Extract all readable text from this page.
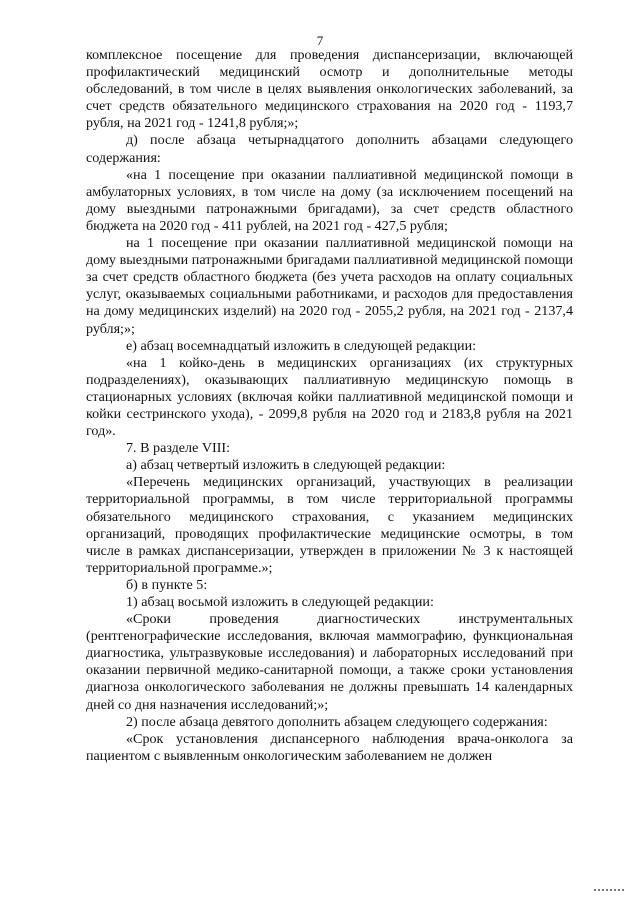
7

комплексное посещение для проведения диспансеризации, включающей профилактический медицинский осмотр и дополнительные методы обследований, в том числе в целях выявления онкологических заболеваний, за счет средств обязательного медицинского страхования на 2020 год - 1193,7 рубля, на 2021 год - 1241,8 рубля;»;

д) после абзаца четырнадцатого дополнить абзацами следующего содержания:

«на 1 посещение при оказании паллиативной медицинской помощи в амбулаторных условиях, в том числе на дому (за исключением посещений на дому выездными патронажными бригадами), за счет средств областного бюджета на 2020 год - 411 рублей, на 2021 год - 427,5 рубля;

на 1 посещение при оказании паллиативной медицинской помощи на дому выездными патронажными бригадами паллиативной медицинской помощи за счет средств областного бюджета (без учета расходов на оплату социальных услуг, оказываемых социальными работниками, и расходов для предоставления на дому медицинских изделий) на 2020 год - 2055,2 рубля, на 2021 год - 2137,4 рубля;»;

е) абзац восемнадцатый изложить в следующей редакции:

«на 1 койко-день в медицинских организациях (их структурных подразделениях), оказывающих паллиативную медицинскую помощь в стационарных условиях (включая койки паллиативной медицинской помощи и койки сестринского ухода), - 2099,8 рубля на 2020 год и 2183,8 рубля на 2021 год».

7. В разделе VIII:

а) абзац четвертый изложить в следующей редакции:

«Перечень медицинских организаций, участвующих в реализации территориальной программы, в том числе территориальной программы обязательного медицинского страхования, с указанием медицинских организаций, проводящих профилактические медицинские осмотры, в том числе в рамках диспансеризации, утвержден в приложении № 3 к настоящей территориальной программе.»;

б) в пункте 5:

1) абзац восьмой изложить в следующей редакции:

«Сроки проведения диагностических инструментальных (рентгенографические исследования, включая маммографию, функциональная диагностика, ультразвуковые исследования) и лабораторных исследований при оказании первичной медико-санитарной помощи, а также сроки установления диагноза онкологического заболевания не должны превышать 14 календарных дней со дня назначения исследований;»;

2) после абзаца девятого дополнить абзацем следующего содержания:

«Срок установления диспансерного наблюдения врача-онколога за пациентом с выявленным онкологическим заболеванием не должен
